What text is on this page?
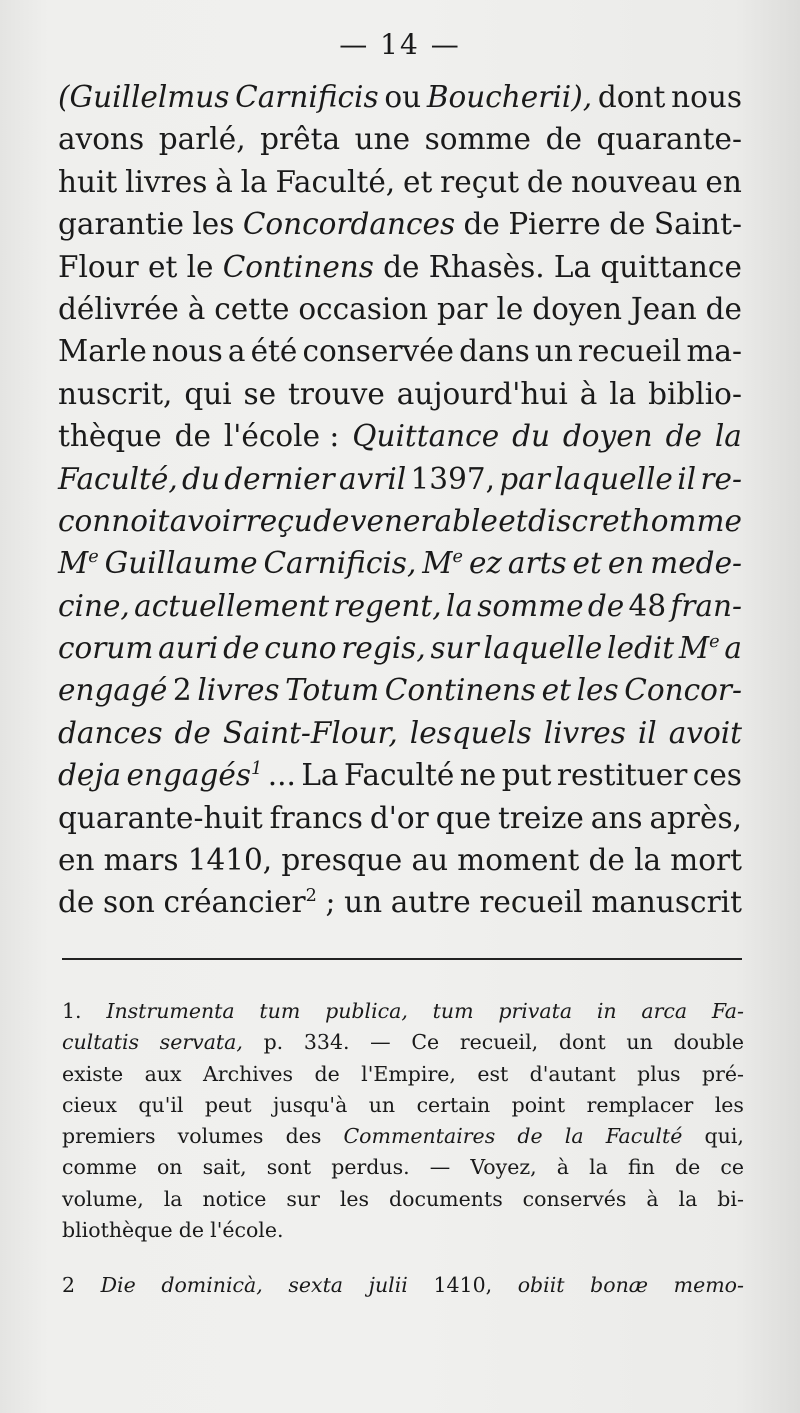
— 14 —
(Guillelmus Carnificis ou Boucherii), dont nous
avons parlé, prêta une somme de quarante-
huit livres à la Faculté, et reçut de nouveau en
garantie les Concordances de Pierre de Saint-
Flour et le Continens de Rhasès. La quittance
délivrée à cette occasion par le doyen Jean de
Marle nous a été conservée dans un recueil ma-
nuscrit, qui se trouve aujourd'hui à la biblio-
thèque de l'école : Quittance du doyen de la
Faculté, du dernier avril 1397, par laquelle il re-
connoit avoir reçu de venerable et discret homme
Me Guillaume Carnificis, Me ez arts et en mede-
cine, actuellement regent, la somme de 48 fran-
corum auri de cuno regis, sur laquelle ledit Me a
engagé 2 livres Totum Continens et les Concor-
dances de Saint-Flour, lesquels livres il avoit
deja engagés$^1$ ... La Faculté ne put restituer ces
quarante-huit francs d'or que treize ans après,
en mars 1410, presque au moment de la mort
de son créancier$^2$ ; un autre recueil manuscrit
1. Instrumenta tum publica, tum privata in arca Fa-
cultatis servata, p. 334. — Ce recueil, dont un double
existe aux Archives de l'Empire, est d'autant plus pré-
cieux qu'il peut jusqu'à un certain point remplacer les
premiers volumes des Commentaires de la Faculté qui,
comme on sait, sont perdus. — Voyez, à la fin de ce
volume, la notice sur les documents conservés à la bi-
bliothèque de l'école.
2 Die dominicà, sexta julii 1410, obiit bonæ memo-
